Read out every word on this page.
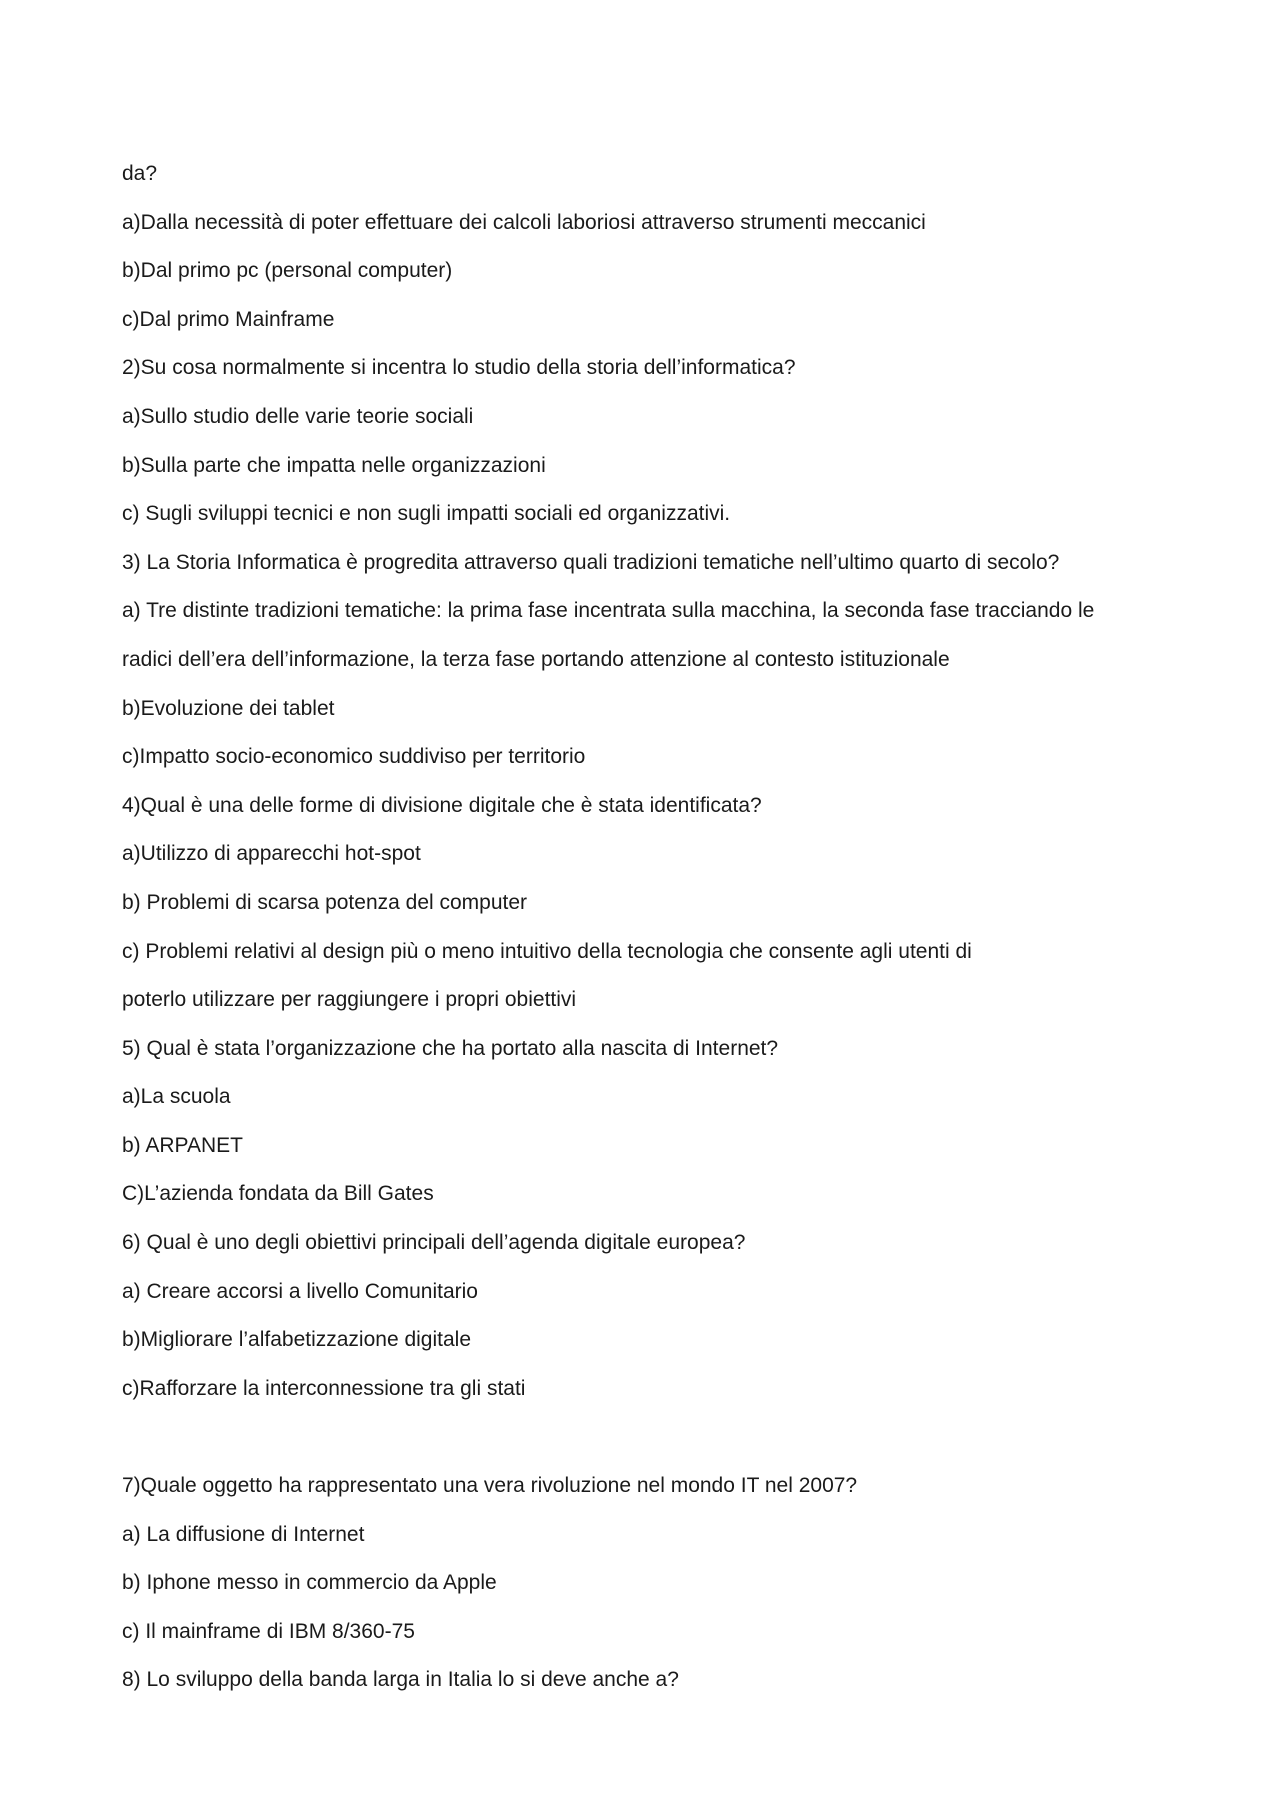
da?
a)Dalla necessità di poter effettuare dei calcoli laboriosi attraverso strumenti meccanici
b)Dal primo pc (personal computer)
c)Dal primo Mainframe
2)Su cosa normalmente si incentra lo studio della storia dell’informatica?
a)Sullo studio delle varie teorie sociali
b)Sulla parte che impatta nelle organizzazioni
c) Sugli sviluppi tecnici e non sugli impatti sociali ed organizzativi.
3) La Storia Informatica è progredita attraverso quali tradizioni tematiche nell’ultimo quarto di secolo?
a) Tre distinte tradizioni tematiche: la prima fase incentrata sulla macchina, la seconda fase tracciando le
radici dell’era dell’informazione, la terza fase portando attenzione al contesto istituzionale
b)Evoluzione dei tablet
c)Impatto socio-economico suddiviso per territorio
4)Qual è una delle forme di divisione digitale che è stata identificata?
a)Utilizzo di apparecchi hot-spot
b) Problemi di scarsa potenza del computer
c) Problemi relativi al design più o meno intuitivo della tecnologia che consente agli utenti di
poterlo utilizzare per raggiungere i propri obiettivi
5) Qual è stata l’organizzazione che ha portato alla nascita di Internet?
a)La scuola
b) ARPANET
C)L’azienda fondata da Bill Gates
6) Qual è uno degli obiettivi principali dell’agenda digitale europea?
a) Creare accorsi a livello Comunitario
b)Migliorare l’alfabetizzazione digitale
c)Rafforzare la interconnessione tra gli stati
7)Quale oggetto ha rappresentato una vera rivoluzione nel mondo IT nel 2007?
a) La diffusione di Internet
b) Iphone messo in commercio da Apple
c) Il mainframe di IBM 8/360-75
8) Lo sviluppo della banda larga in Italia lo si deve anche a?
